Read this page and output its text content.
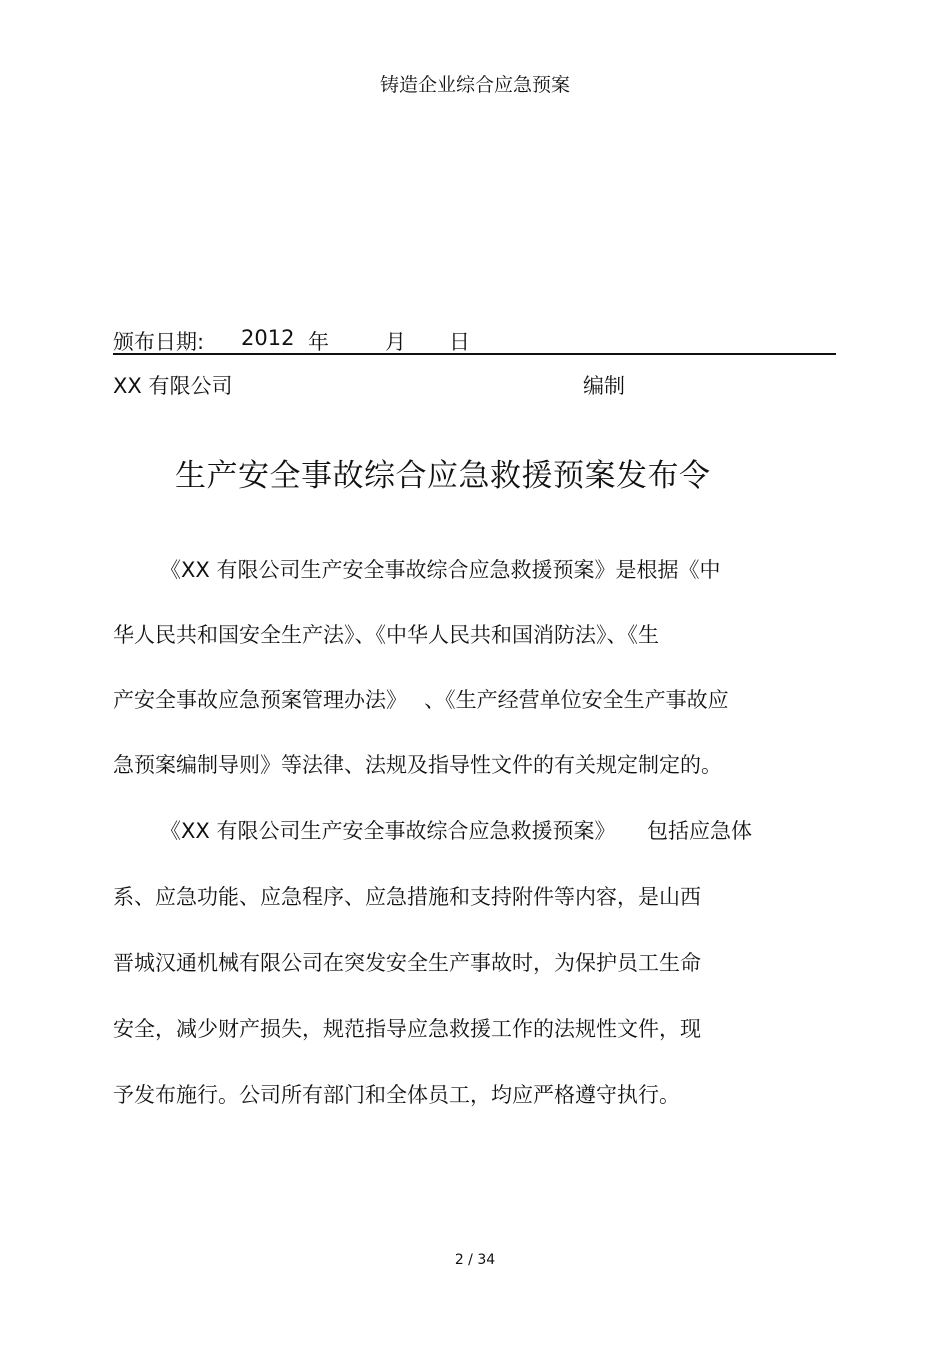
铸造企业综合应急预案
颁布日期: 2012 年	月 日
XX 有限公司	编制
生产安全事故综合应急救援预案发布令
《XX 有限公司生产安全事故综合应急救援预案》是根据《中
华人民共和国安全生产法》、《中华人民共和国消防法》、《生
产安全事故应急预案管理办法》　 、《生产经营单位安全生产事故应
急预案编制导则》等法律、法规及指导性文件的有关规定制定的。
《XX 有限公司生产安全事故综合应急救援预案》　　包括应急体
系、应急功能、应急程序、应急措施和支持附件等内容，是山西
晋城汉通机械有限公司在突发安全生产事故时，为保护员工生命
安全，减少财产损失，规范指导应急救援工作的法规性文件，现
予发布施行。公司所有部门和全体员工，均应严格遵守执行。
2 / 34
